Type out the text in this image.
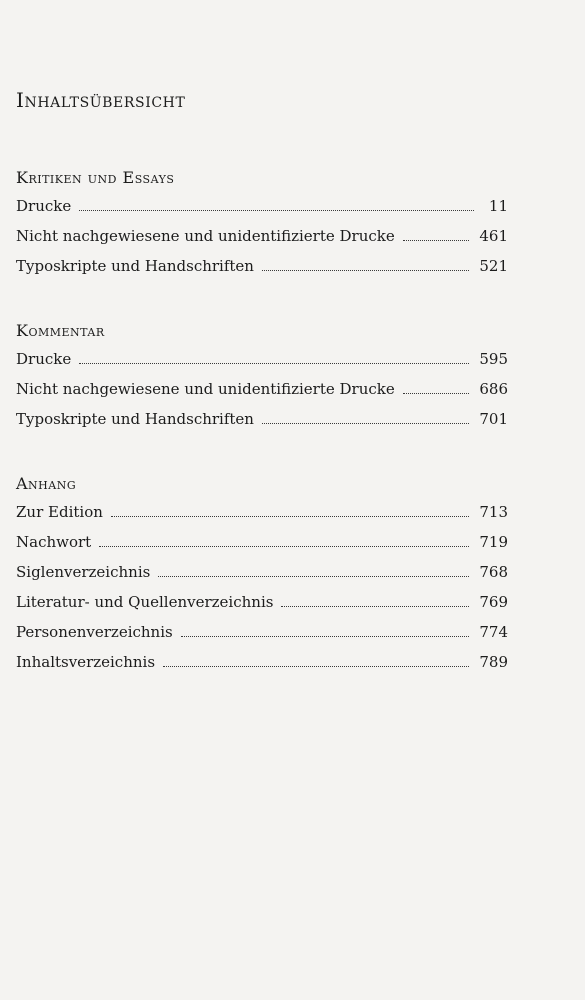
Inhaltsübersicht
Kritiken und Essays
Drucke	11
Nicht nachgewiesene und unidentifizierte Drucke	461
Typoskripte und Handschriften	521
Kommentar
Drucke	595
Nicht nachgewiesene und unidentifizierte Drucke	686
Typoskripte und Handschriften	701
Anhang
Zur Edition	713
Nachwort	719
Siglenverzeichnis	768
Literatur- und Quellenverzeichnis	769
Personenverzeichnis	774
Inhaltsverzeichnis	789
